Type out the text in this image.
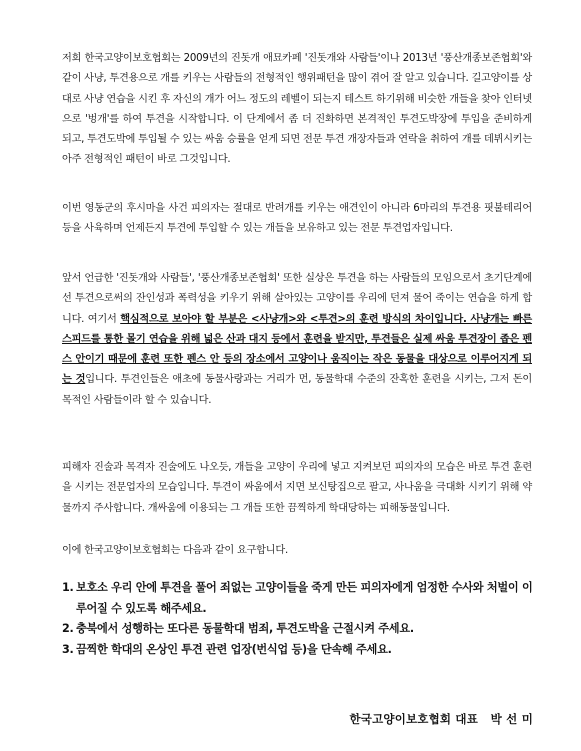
저희 한국고양이보호협회는 2009년의 진돗개 애묘카페 '진돗개와 사람들'이나 2013년 '풍산개종보존협회'와 같이 사냥, 투견용으로 개를 키우는 사람들의 전형적인 행위패턴을 많이 겪어 잘 알고 있습니다. 길고양이를 상대로 사냥 연습을 시킨 후 자신의 개가 어느 정도의 레벨이 되는지 테스트 하기위해 비슷한 개들을 찾아 인터넷으로 '벙개'를 하여 투견을 시작합니다. 이 단계에서 좀 더 진화하면 본격적인 투견도박장에 투입을 준비하게 되고, 투견도박에 투입될 수 있는 싸움 승률을 얻게 되면 전문 투견 개장자들과 연락을 취하여 개를 데뷔시키는 아주 전형적인 패턴이 바로 그것입니다.

이번 영동군의 후시마을 사건 피의자는 절대로 반려개를 키우는 애견인이 아니라 6마리의 투견용 핏불테리어 등을 사육하며 언제든지 투견에 투입할 수 있는 개들을 보유하고 있는 전문 투견업자입니다.

앞서 언급한 '진돗개와 사람들', '풍산개종보존협회' 또한 실상은 투견을 하는 사람들의 모임으로서 초기단계에선 투견으로써의 잔인성과 폭력성을 키우기 위해 살아있는 고양이를 우리에 던져 물어 죽이는 연습을 하게 합니다. 여기서 핵심적으로 보아야 할 부분은 <사냥개>와 <투견>의 훈련 방식의 차이입니다. 사냥개는 빠른 스피드를 통한 몰기 연습을 위해 넓은 산과 대지 등에서 훈련을 받지만, 투견들은 실제 싸움 투견장이 좁은 펜스 안이기 때문에 훈련 또한 펜스 안 등의 장소에서 고양이나 움직이는 작은 동물을 대상으로 이루어지게 되는 것입니다. 투견인들은 애초에 동물사랑과는 거리가 먼, 동물학대 수준의 잔혹한 훈련을 시키는, 그저 돈이 목적인 사람들이라 할 수 있습니다.

피해자 진술과 목격자 진술에도 나오듯, 개들을 고양이 우리에 넣고 지켜보던 피의자의 모습은 바로 투견 훈련을 시키는 전문업자의 모습입니다. 투견이 싸움에서 지면 보신탕집으로 팔고, 사나움을 극대화 시키기 위해 약물까지 주사합니다. 개싸움에 이용되는 그 개들 또한 끔찍하게 학대당하는 피해동물입니다.

이에 한국고양이보호협회는 다음과 같이 요구합니다.

1. 보호소 우리 안에 투견을 풀어 죄없는 고양이들을 죽게 만든 피의자에게 엄정한 수사와 처벌이 이루어질 수 있도록 해주세요.
2. 충북에서 성행하는 또다른 동물학대 범죄, 투견도박을 근절시켜 주세요.
3. 끔찍한 학대의 온상인 투견 관련 업장(번식업 등)을 단속해 주세요.
한국고양이보호협회 대표   박 선 미
